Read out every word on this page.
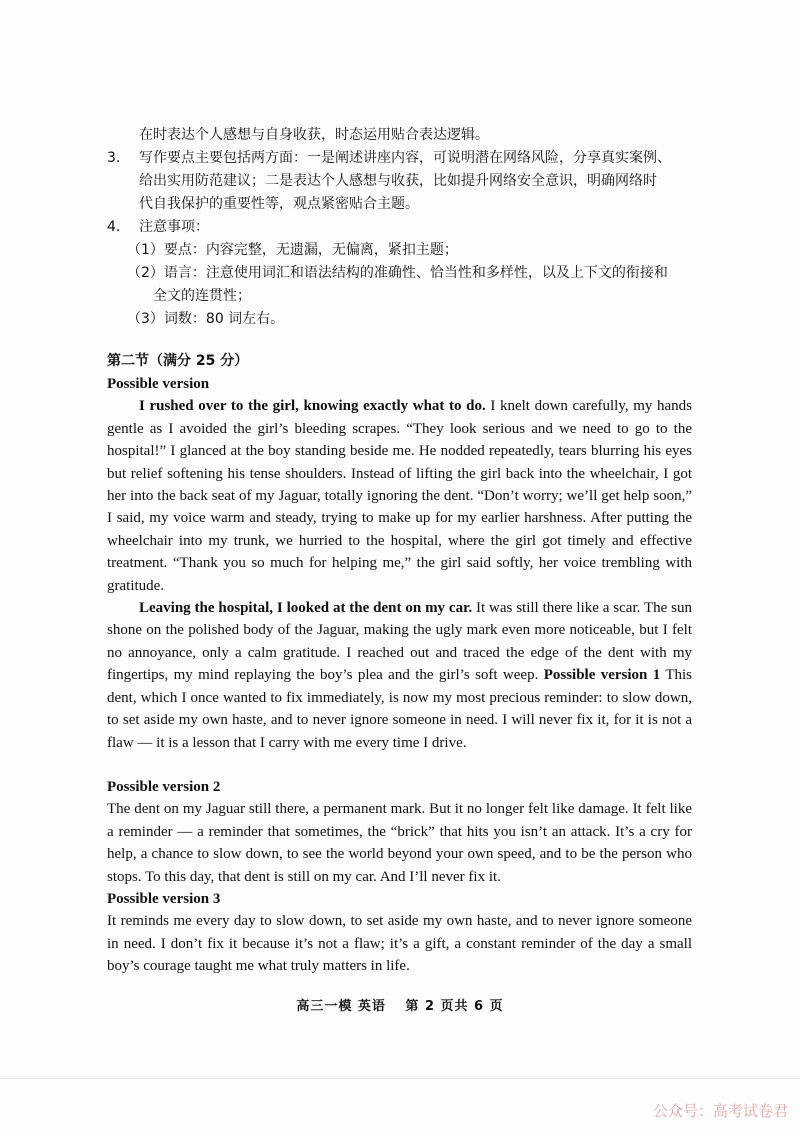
在时表达个人感想与自身收获，时态运用贴合表达逻辑。
3.	写作要点主要包括两方面：一是阐述讲座内容，可说明潜在网络风险，分享真实案例、
给出实用防范建议；二是表达个人感想与收获，比如提升网络安全意识，明确网络时
代自我保护的重要性等，观点紧密贴合主题。
4.	注意事项：
（1）要点：内容完整，无遗漏，无偏离，紧扣主题；
（2）语言：注意使用词汇和语法结构的准确性、恰当性和多样性，以及上下文的衔接和
全文的连贯性；
（3）词数：80 词左右。
第二节（满分 25 分）
Possible version

I rushed over to the girl, knowing exactly what to do. I knelt down carefully, my hands gentle as I avoided the girl’s bleeding scrapes. “They look serious and we need to go to the hospital!” I glanced at the boy standing beside me. He nodded repeatedly, tears blurring his eyes but relief softening his tense shoulders. Instead of lifting the girl back into the wheelchair, I got her into the back seat of my Jaguar, totally ignoring the dent. “Don’t worry; we’ll get help soon,” I said, my voice warm and steady, trying to make up for my earlier harshness. After putting the wheelchair into my trunk, we hurried to the hospital, where the girl got timely and effective treatment. “Thank you so much for helping me,” the girl said softly, her voice trembling with gratitude.

Leaving the hospital, I looked at the dent on my car. It was still there like a scar. The sun shone on the polished body of the Jaguar, making the ugly mark even more noticeable, but I felt no annoyance, only a calm gratitude. I reached out and traced the edge of the dent with my fingertips, my mind replaying the boy’s plea and the girl’s soft weep. Possible version 1 This dent, which I once wanted to fix immediately, is now my most precious reminder: to slow down, to set aside my own haste, and to never ignore someone in need. I will never fix it, for it is not a flaw — it is a lesson that I carry with me every time I drive.

Possible version 2

The dent on my Jaguar still there, a permanent mark. But it no longer felt like damage. It felt like a reminder — a reminder that sometimes, the “brick” that hits you isn’t an attack. It’s a cry for help, a chance to slow down, to see the world beyond your own speed, and to be the person who stops. To this day, that dent is still on my car. And I’ll never fix it.

Possible version 3

It reminds me every day to slow down, to set aside my own haste, and to never ignore someone in need. I don’t fix it because it’s not a flaw; it’s a gift, a constant reminder of the day a small boy’s courage taught me what truly matters in life.

高三一模 英语　 第 2 页共 6 页
公众号：高考试卷君
